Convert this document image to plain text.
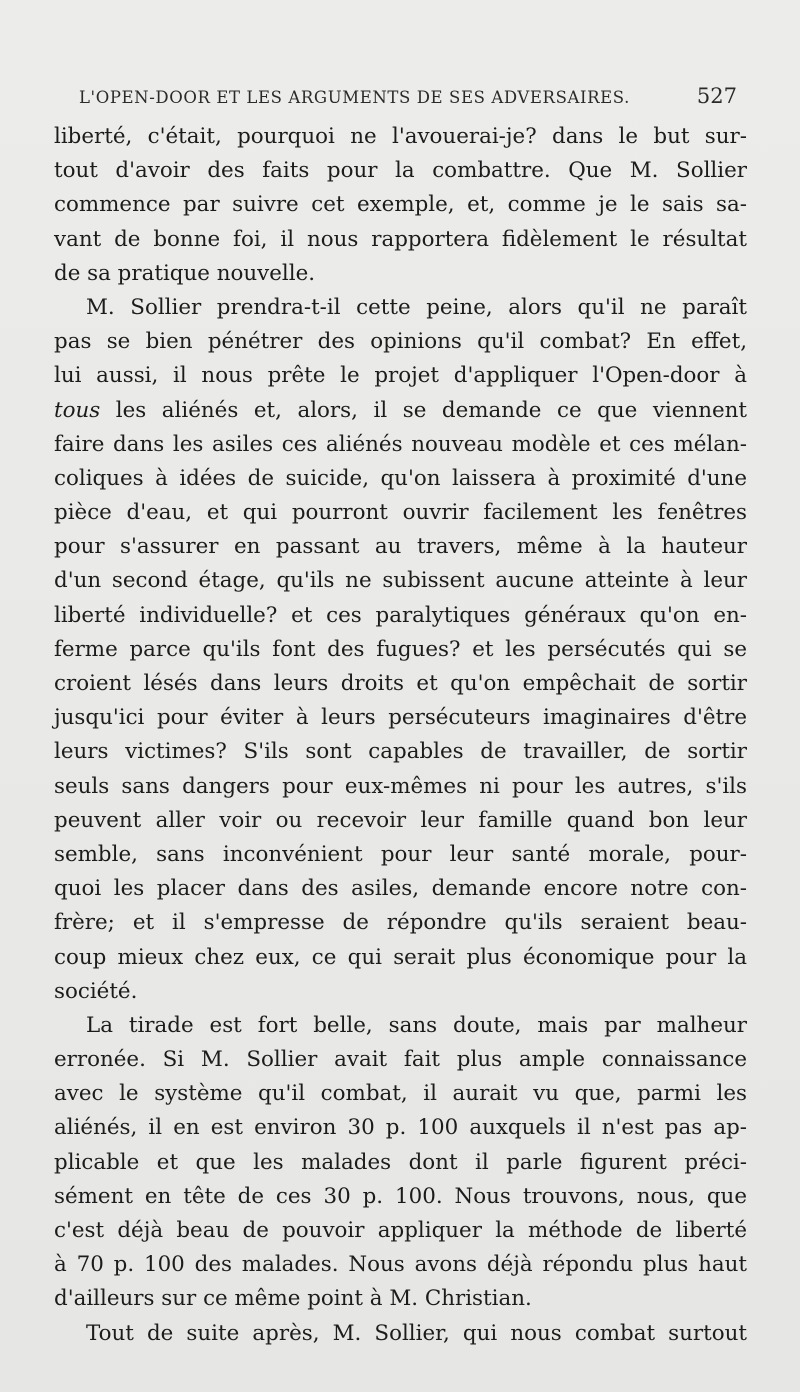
L'OPEN-DOOR ET LES ARGUMENTS DE SES ADVERSAIRES.	527
liberté, c'était, pourquoi ne l'avouerai-je? dans le but sur-
tout d'avoir des faits pour la combattre. Que M. Sollier
commence par suivre cet exemple, et, comme je le sais sa-
vant de bonne foi, il nous rapportera fidèlement le résultat
de sa pratique nouvelle.
M. Sollier prendra-t-il cette peine, alors qu'il ne paraît
pas se bien pénétrer des opinions qu'il combat? En effet,
lui aussi, il nous prête le projet d'appliquer l'Open-door à
tous les aliénés et, alors, il se demande ce que viennent
faire dans les asiles ces aliénés nouveau modèle et ces mélan-
coliques à idées de suicide, qu'on laissera à proximité d'une
pièce d'eau, et qui pourront ouvrir facilement les fenêtres
pour s'assurer en passant au travers, même à la hauteur
d'un second étage, qu'ils ne subissent aucune atteinte à leur
liberté individuelle? et ces paralytiques généraux qu'on en-
ferme parce qu'ils font des fugues? et les persécutés qui se
croient lésés dans leurs droits et qu'on empêchait de sortir
jusqu'ici pour éviter à leurs persécuteurs imaginaires d'être
leurs victimes? S'ils sont capables de travailler, de sortir
seuls sans dangers pour eux-mêmes ni pour les autres, s'ils
peuvent aller voir ou recevoir leur famille quand bon leur
semble, sans inconvénient pour leur santé morale, pour-
quoi les placer dans des asiles, demande encore notre con-
frère; et il s'empresse de répondre qu'ils seraient beau-
coup mieux chez eux, ce qui serait plus économique pour la
société.
La tirade est fort belle, sans doute, mais par malheur
erronée. Si M. Sollier avait fait plus ample connaissance
avec le système qu'il combat, il aurait vu que, parmi les
aliénés, il en est environ 30 p. 100 auxquels il n'est pas ap-
plicable et que les malades dont il parle figurent préci-
sément en tête de ces 30 p. 100. Nous trouvons, nous, que
c'est déjà beau de pouvoir appliquer la méthode de liberté
à 70 p. 100 des malades. Nous avons déjà répondu plus haut
d'ailleurs sur ce même point à M. Christian.
Tout de suite après, M. Sollier, qui nous combat surtout
